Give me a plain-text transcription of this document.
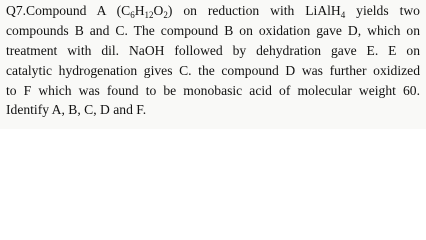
Q7.Compound A $(C_6H_{12}O_2)$ on reduction with LiAlH$_4$ yields two
compounds B and C. The compound B on oxidation gave D, which on
treatment with dil. NaOH followed by dehydration gave E. E on
catalytic hydrogenation gives C. the compound D was further oxidized
to F which was found to be monobasic acid of molecular weight 60.
Identify A, B, C, D and F.
